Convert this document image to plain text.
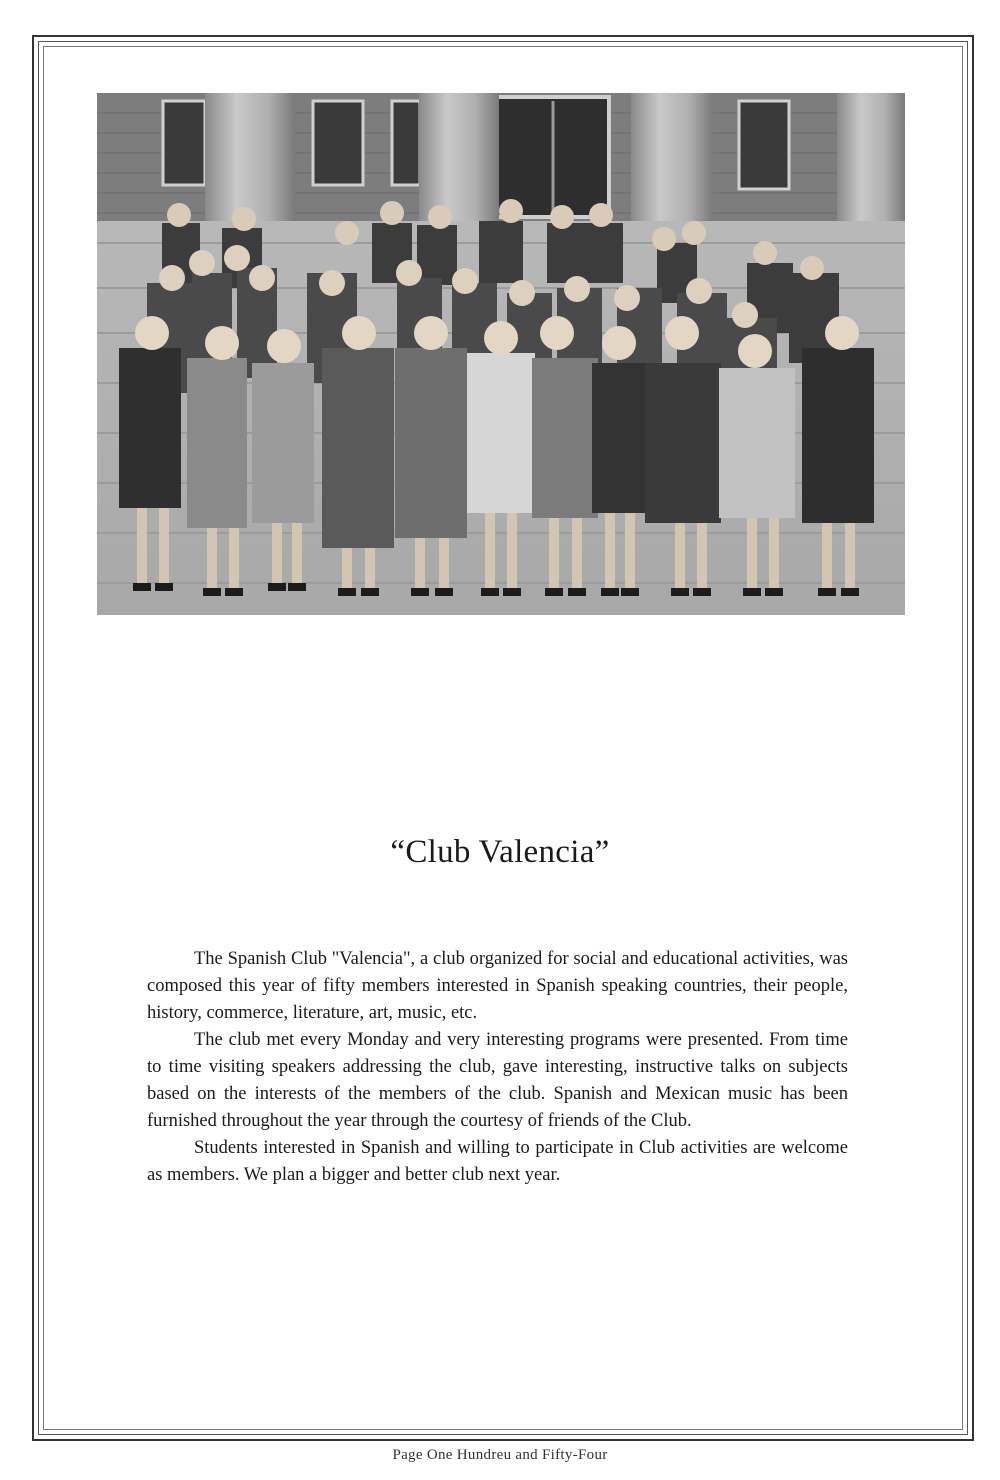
“Club Valencia”

The Spanish Club "Valencia", a club organized for social and educational activities, was composed this year of fifty members interested in Spanish speaking countries, their people, history, commerce, literature, art, music, etc.

The club met every Monday and very interesting programs were presented. From time to time visiting speakers addressing the club, gave interesting, instructive talks on subjects based on the interests of the members of the club. Spanish and Mexican music has been furnished throughout the year through the courtesy of friends of the Club.

Students interested in Spanish and willing to participate in Club activities are welcome as members. We plan a bigger and better club next year.

Page One Hundreu and Fifty-Four
